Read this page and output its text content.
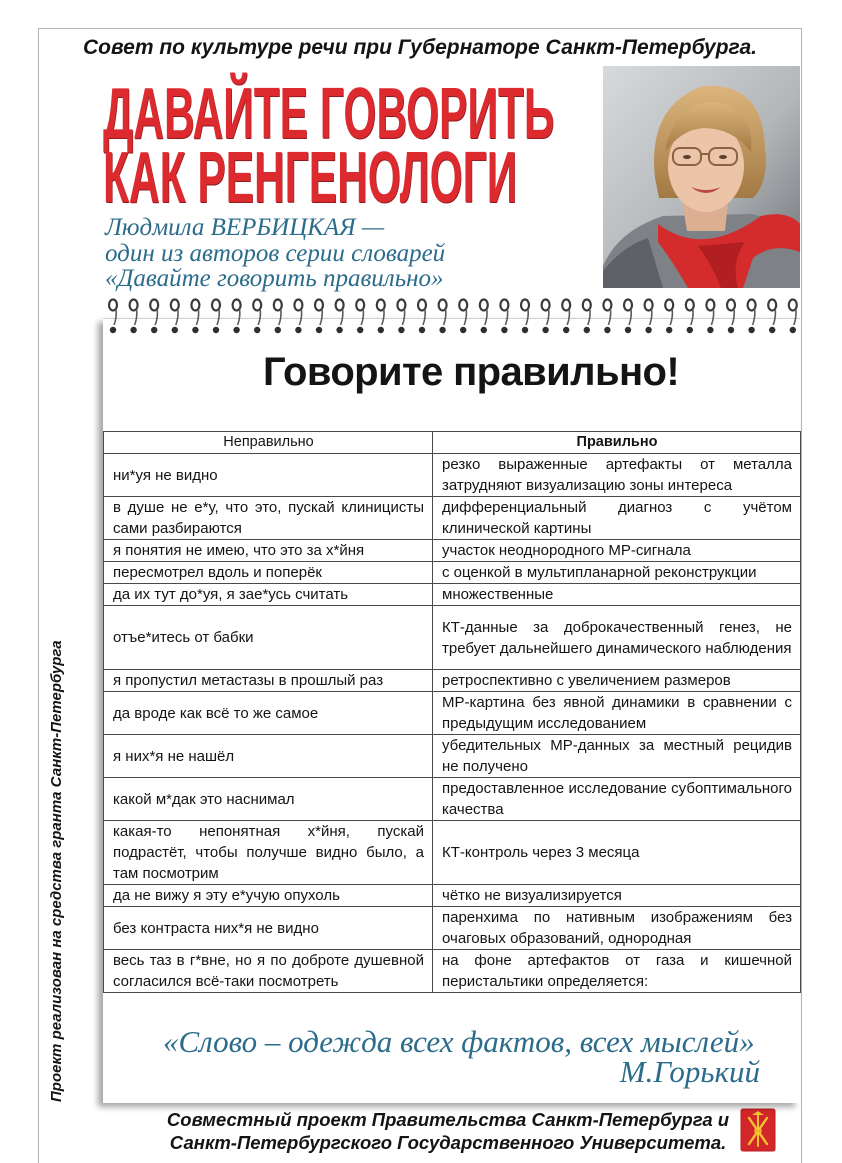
Совет по культуре речи при Губернаторе Санкт-Петербурга.
ДАВАЙТЕ ГОВОРИТЬ
КАК РЕНГЕНОЛОГИ
Людмила ВЕРБИЦКАЯ —
один из авторов серии словарей
«Давайте говорить правильно»
Говорите правильно!
Неправильно	Правильно
ни*уя не видно	резко выраженные артефакты от металла затрудняют визуализацию зоны интереса
в душе не е*у, что это, пускай клиницисты сами разбираются	дифференциальный диагноз с учётом клинической картины
я понятия не имею, что это за х*йня	участок неоднородного МР-сигнала
пересмотрел вдоль и поперёк	с оценкой в мультипланарной реконструкции
да их тут до*уя, я зае*усь считать	множественные
отъе*итесь от бабки	КТ-данные за доброкачественный генез, не требует дальнейшего динамического наблюдения
я пропустил метастазы в прошлый раз	ретроспективно с увеличением размеров
да вроде как всё то же самое	МР-картина без явной динамики в сравнении с предыдущим исследованием
я них*я не нашёл	убедительных МР-данных за местный рецидив не получено
какой м*дак это наснимал	предоставленное исследование субоптимального качества
какая-то непонятная х*йня, пускай подрастёт, чтобы получше видно было, а там посмотрим	КТ-контроль через 3 месяца
да не вижу я эту е*учую опухоль	чётко не визуализируется
без контраста них*я не видно	паренхима по нативным изображениям без очаговых образований, однородная
весь таз в г*вне, но я по доброте душевной согласился всё-таки посмотреть	на фоне артефактов от газа и кишечной перистальтики определяется:
«Слово – одежда всех фактов, всех мыслей»
М.Горький
Проект реализован на средства гранта Санкт-Петербурга
Совместный проект Правительства Санкт-Петербурга и
Санкт-Петербургского Государственного Университета.
